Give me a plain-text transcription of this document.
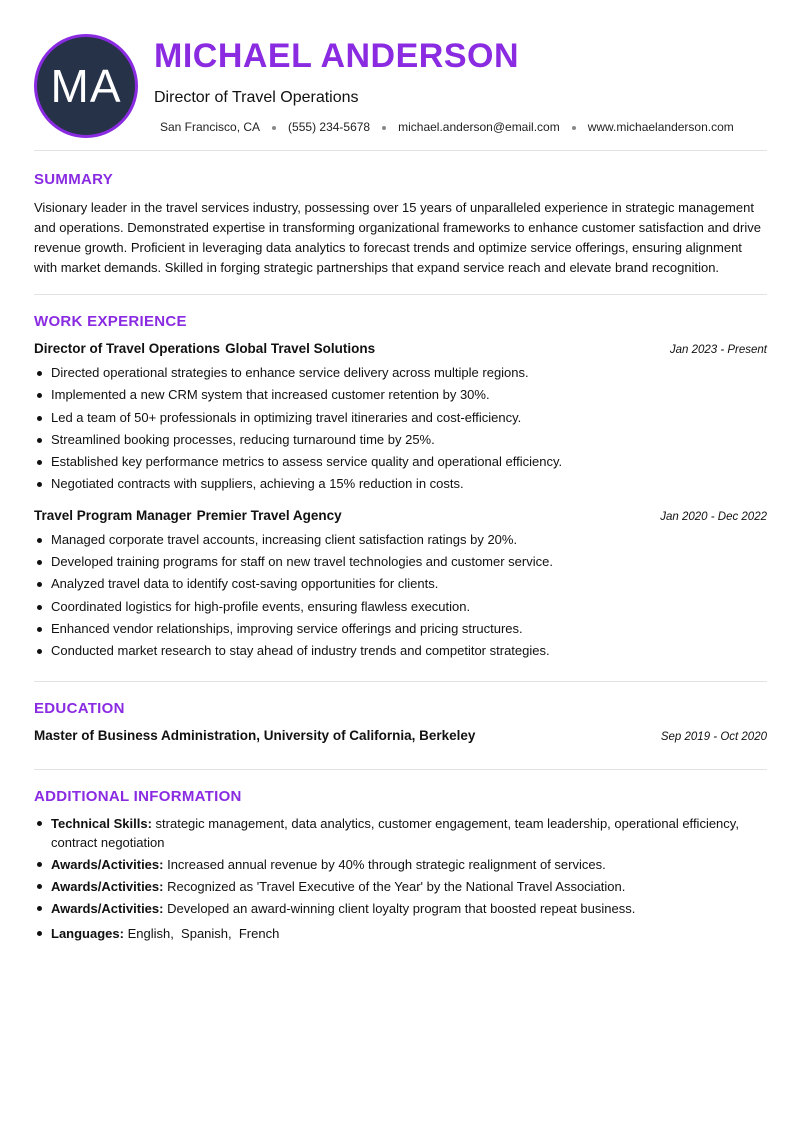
MA
MICHAEL ANDERSON
Director of Travel Operations
San Francisco, CA (555) 234-5678 michael.anderson@email.com www.michaelanderson.com
SUMMARY

Visionary leader in the travel services industry, possessing over 15 years of unparalleled experience in strategic management and operations. Demonstrated expertise in transforming organizational frameworks to enhance customer satisfaction and drive revenue growth. Proficient in leveraging data analytics to forecast trends and optimize service offerings, ensuring alignment with market demands. Skilled in forging strategic partnerships that expand service reach and elevate brand recognition.

WORK EXPERIENCE
Director of Travel Operations Global Travel Solutions	Jan 2023 - Present
Directed operational strategies to enhance service delivery across multiple regions.
Implemented a new CRM system that increased customer retention by 30%.
Led a team of 50+ professionals in optimizing travel itineraries and cost-efficiency.
Streamlined booking processes, reducing turnaround time by 25%.
Established key performance metrics to assess service quality and operational efficiency.
Negotiated contracts with suppliers, achieving a 15% reduction in costs.
Travel Program Manager Premier Travel Agency	Jan 2020 - Dec 2022
Managed corporate travel accounts, increasing client satisfaction ratings by 20%.
Developed training programs for staff on new travel technologies and customer service.
Analyzed travel data to identify cost-saving opportunities for clients.
Coordinated logistics for high-profile events, ensuring flawless execution.
Enhanced vendor relationships, improving service offerings and pricing structures.
Conducted market research to stay ahead of industry trends and competitor strategies.
EDUCATION
Master of Business Administration, University of California, Berkeley	Sep 2019 - Oct 2020
ADDITIONAL INFORMATION
Technical Skills: strategic management, data analytics, customer engagement, team leadership, operational efficiency, contract negotiation
Awards/Activities: Increased annual revenue by 40% through strategic realignment of services.
Awards/Activities: Recognized as 'Travel Executive of the Year' by the National Travel Association.
Awards/Activities: Developed an award-winning client loyalty program that boosted repeat business.
Languages: English,  Spanish,  French
